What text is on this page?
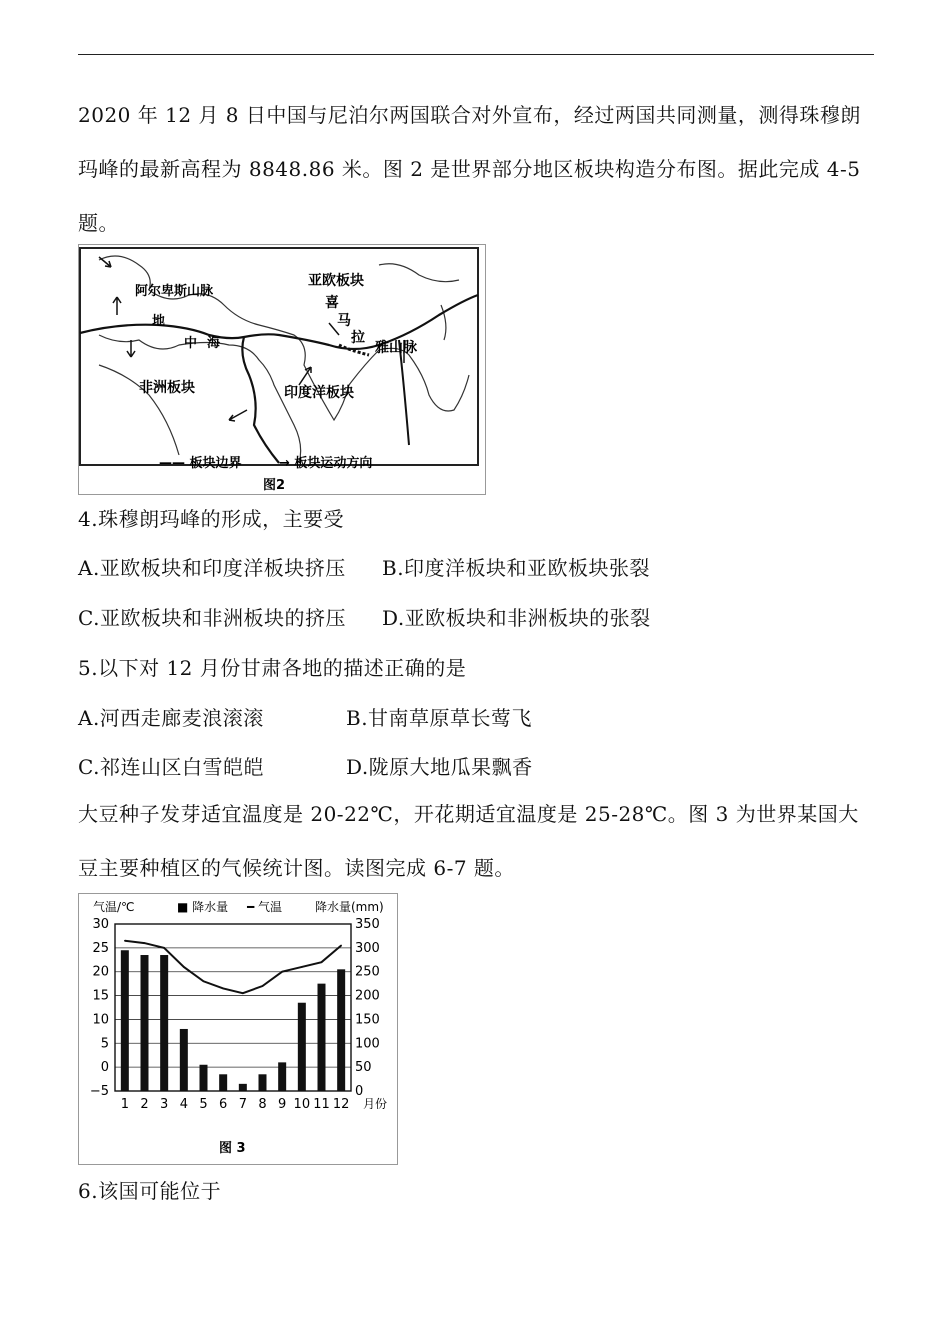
2020 年 12 月 8 日中国与尼泊尔两国联合对外宣布，经过两国共同测量，测得珠穆朗玛峰的最新高程为 8848.86 米。图 2 是世界部分地区板块构造分布图。据此完成 4-5 题。
亚欧板块
阿尔卑斯山脉
地
中 海
喜
马
拉
雅山脉
非洲板块	印度洋板块
—— 板块边界	→ 板块运动方向
图2
4.珠穆朗玛峰的形成，主要受
A.亚欧板块和印度洋板块挤压 B.印度洋板块和亚欧板块张裂
C.亚欧板块和非洲板块的挤压 D.亚欧板块和非洲板块的张裂
5.以下对 12 月份甘肃各地的描述正确的是
A.河西走廊麦浪滚滚	B.甘南草原草长莺飞
C.祁连山区白雪皑皑	D.陇原大地瓜果飘香
大豆种子发芽适宜温度是 20-22℃，开花期适宜温度是 25-28℃。图 3 为世界某国大豆主要种植区的气候统计图。读图完成 6-7 题。
气温/℃	■ 降水量 ━ 气温	降水量(mm)
月份
图 3
30
25
20
15
10
5
0
−5
350
300
250
200
150
100
50
0
1 2 3 4 5 6 7 8 9 10 11 12
6.该国可能位于
